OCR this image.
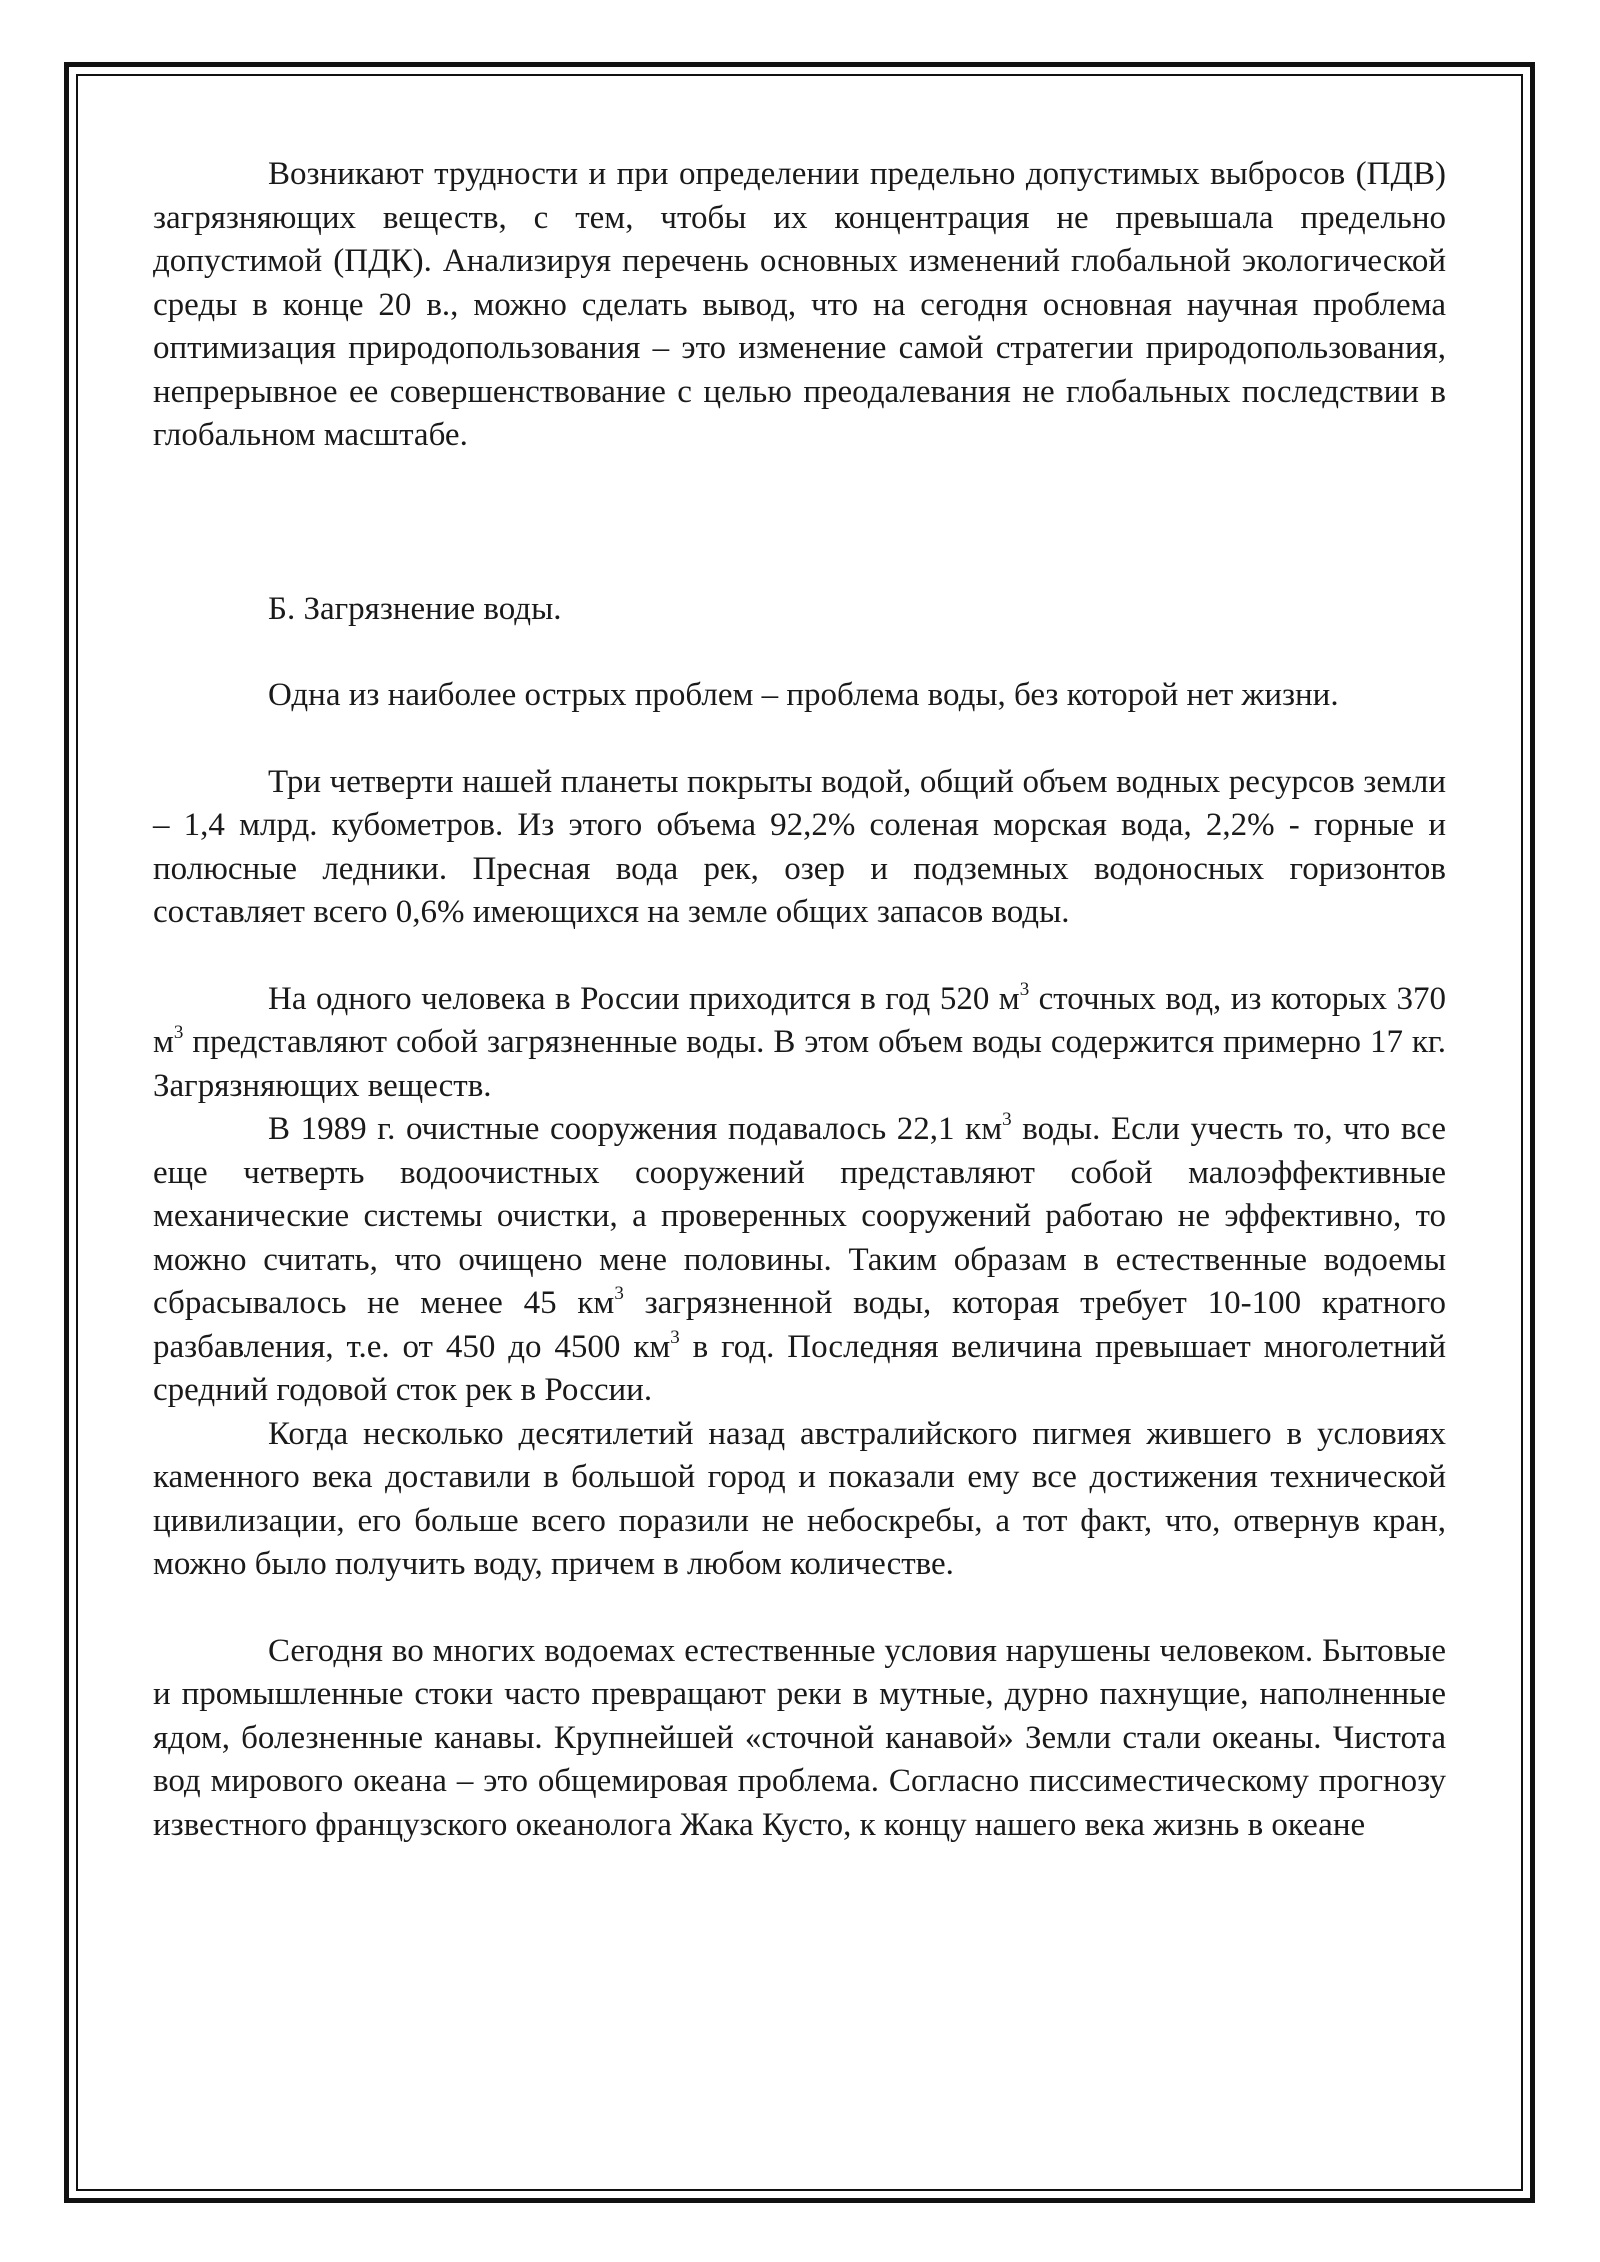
Возникают трудности и при определении предельно допустимых выбросов (ПДВ) загрязняющих веществ, с тем, чтобы их концентрация не превышала предельно допустимой (ПДК). Анализируя перечень основных изменений глобальной экологической среды в конце 20 в., можно сделать вывод, что на сегодня основная научная проблема оптимизация природопользования – это изменение самой стратегии природопользования, непрерывное ее совершенствование с целью преодалевания не глобальных последствии в глобальном масштабе.

Б. Загрязнение воды.

Одна из наиболее острых проблем – проблема воды, без которой нет жизни.

Три четверти нашей планеты покрыты водой, общий объем водных ресурсов земли – 1,4 млрд. кубометров. Из этого объема 92,2% соленая морская вода, 2,2% - горные и полюсные ледники. Пресная вода рек, озер и подземных водоносных горизонтов составляет всего 0,6% имеющихся на земле общих запасов воды.

На одного человека в России приходится в год 520 $м^3$ сточных вод, из которых 370 $м^3$ представляют собой загрязненные воды. В этом объем воды содержится примерно 17 кг. Загрязняющих веществ.

В 1989 г. очистные сооружения подавалось 22,1 $км^3$ воды. Если учесть то, что все еще четверть водоочистных сооружений представляют собой малоэффективные механические системы очистки, а проверенных сооружений работаю не эффективно, то можно считать, что очищено мене половины. Таким образам в естественные водоемы сбрасывалось не менее 45 $км^3$ загрязненной воды, которая требует 10-100 кратного разбавления, т.е. от 450 до 4500 $км^3$ в год. Последняя величина превышает многолетний средний годовой сток рек в России.

Когда несколько десятилетий назад австралийского пигмея жившего в условиях каменного века доставили в большой город и показали ему все достижения технической цивилизации, его больше всего поразили не небоскребы, а тот факт, что, отвернув кран, можно было получить воду, причем в любом количестве.

Сегодня во многих водоемах естественные условия нарушены человеком. Бытовые и промышленные стоки часто превращают реки в мутные, дурно пахнущие, наполненные ядом, болезненные канавы. Крупнейшей «сточной канавой» Земли стали океаны. Чистота вод мирового океана – это общемировая проблема. Согласно писсиместическому прогнозу известного французского океанолога Жака Кусто, к концу нашего века жизнь в океане
